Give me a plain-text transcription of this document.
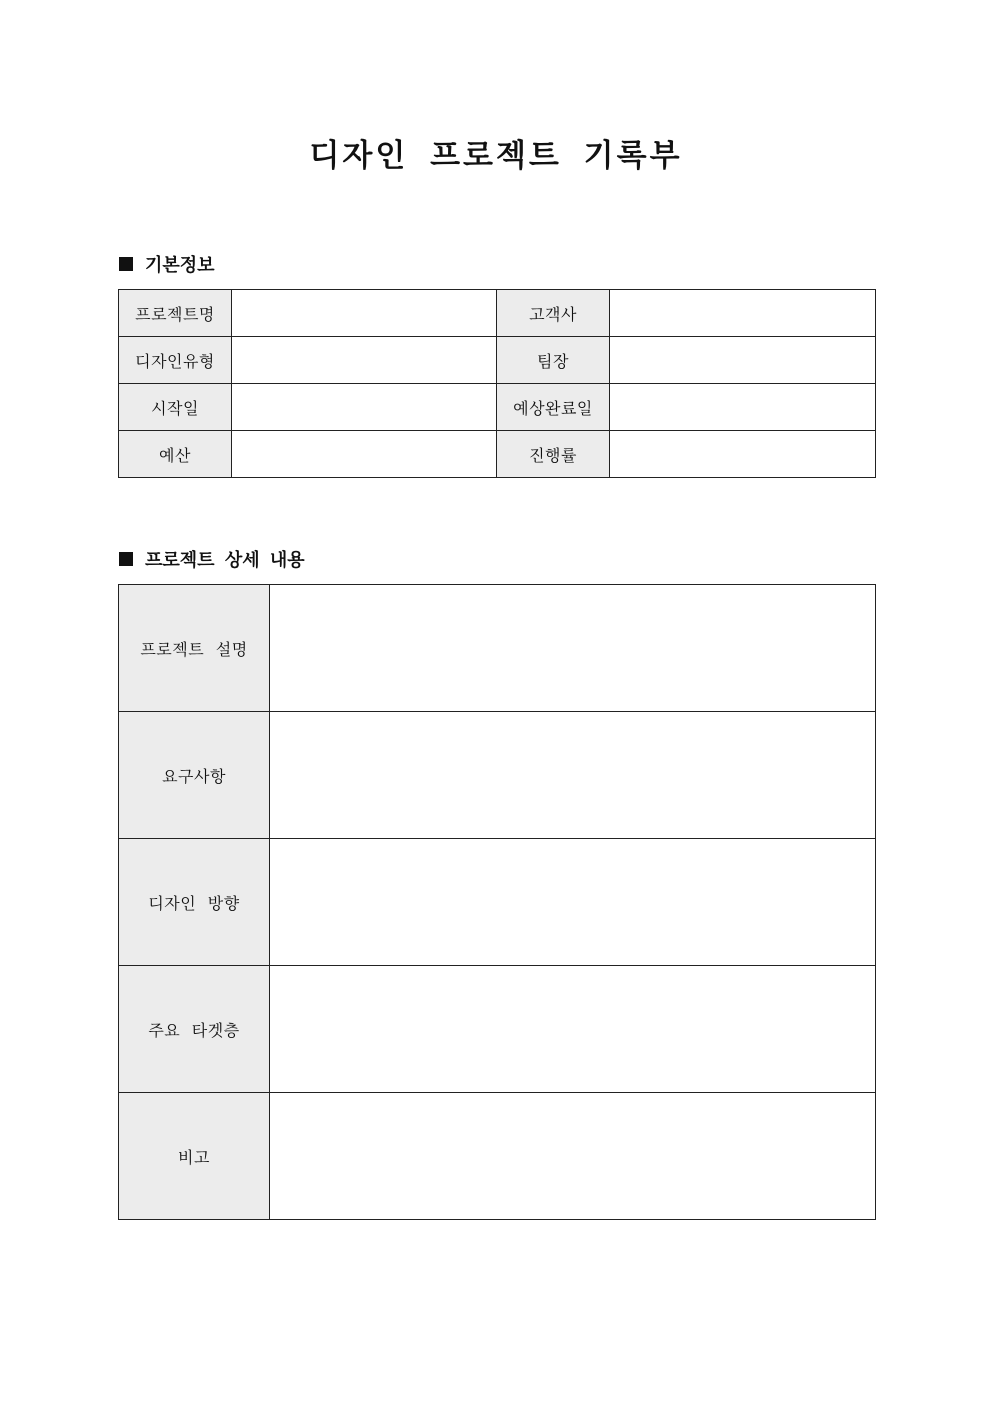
디자인 프로젝트 기록부
기본정보
프로젝트명		고객사	
디자인유형		팀장	
시작일		예상완료일	
예산		진행률	
프로젝트 상세 내용
프로젝트 설명	
요구사항	
디자인 방향	
주요 타겟층	
비고	
